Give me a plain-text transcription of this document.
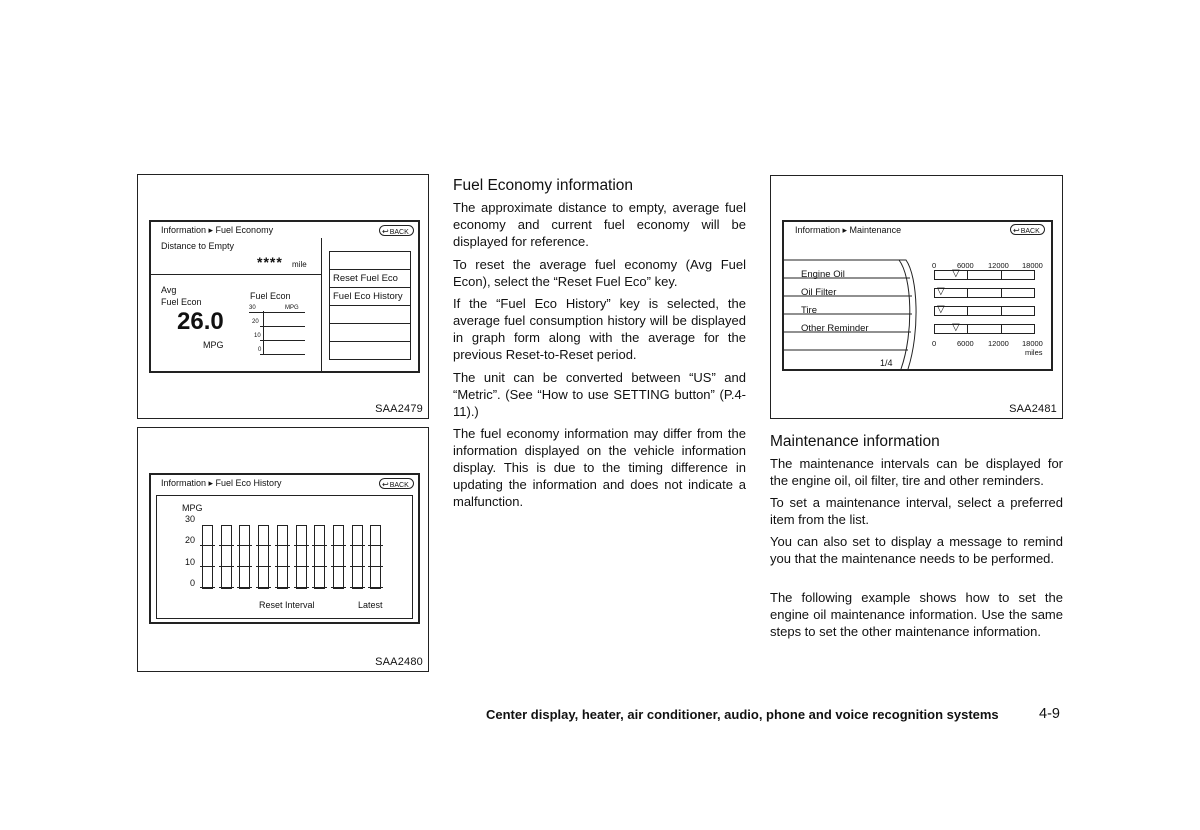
Information ▸ Fuel Economy	↩BACK
Distance to Empty
**** mile
Avg
Fuel Econ
26.0
MPG
Fuel Econ
MPG
30
20
10
0
Reset Fuel Eco
Fuel Eco History
SAA2479
Information ▸ Fuel Eco History	↩BACK
MPG
30
20
10
0
Reset Interval	Latest
SAA2480
Fuel Economy information
The approximate distance to empty, average fuel economy and current fuel economy will be displayed for reference.
To reset the average fuel economy (Avg Fuel Econ), select the “Reset Fuel Eco” key.
If the “Fuel Eco History” key is selected, the average fuel consumption history will be displayed in graph form along with the average for the previous Reset-to-Reset period.
The unit can be converted between “US” and “Metric”. (See “How to use SETTING button” (P.4-11).)
The fuel economy information may differ from the information displayed on the vehicle information display. This is due to the timing difference in updating the information and does not indicate a malfunction.
Information ▸ Maintenance	↩BACK
Engine Oil
Oil Filter
Tire
Other Reminder
1/4
0	6000 12000 18000
▽
▽
▽
▽
0	6000 12000 18000
miles
SAA2481
Maintenance information
The maintenance intervals can be displayed for the engine oil, oil filter, tire and other reminders.
To set a maintenance interval, select a preferred item from the list.
You can also set to display a message to remind you that the maintenance needs to be performed.
The following example shows how to set the engine oil maintenance information. Use the same steps to set the other maintenance information.
Center display, heater, air conditioner, audio, phone and voice recognition systems	4-9
